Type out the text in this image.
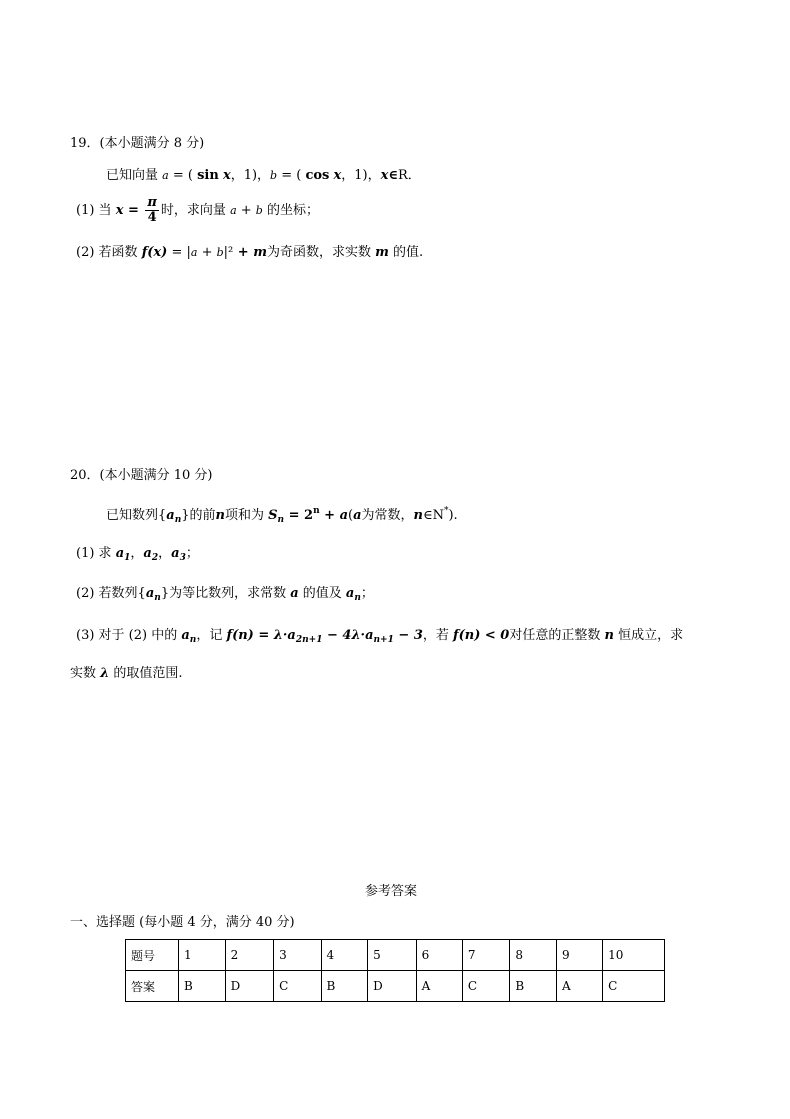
19．(本小题满分 8 分)
已知向量 a = ( sin x，1)，b = ( cos x，1)，x∈R．
(1) 当 $x = \frac{\pi}{4}$ 时，求向量 a + b 的坐标；
(2) 若函数 f(x) = |a + b|² + m为奇函数，求实数 m 的值.
20．(本小题满分 10 分)
已知数列$\{a_n\}$的前n项和为 $S_n = 2^n + a(a$为常数，n∈N*).
(1) 求 $a_1$，$a_2$，$a_3$；
(2) 若数列$\{a_n\}$为等比数列，求常数 a 的值及 $a_n$；
(3) 对于 (2) 中的 $a_n$，记 $f(n) = \lambda\cdot a_{2n+1} - 4\lambda\cdot a_{n+1} - 3$，若 f(n) < 0对任意的正整数 n 恒成立，求
实数 λ 的取值范围.
参考答案
一、选择题 (每小题 4 分，满分 40 分)
题号	1	2	3	4	5	6	7	8	9	10
答案	B	D	C	B	D	A	C	B	A	C
